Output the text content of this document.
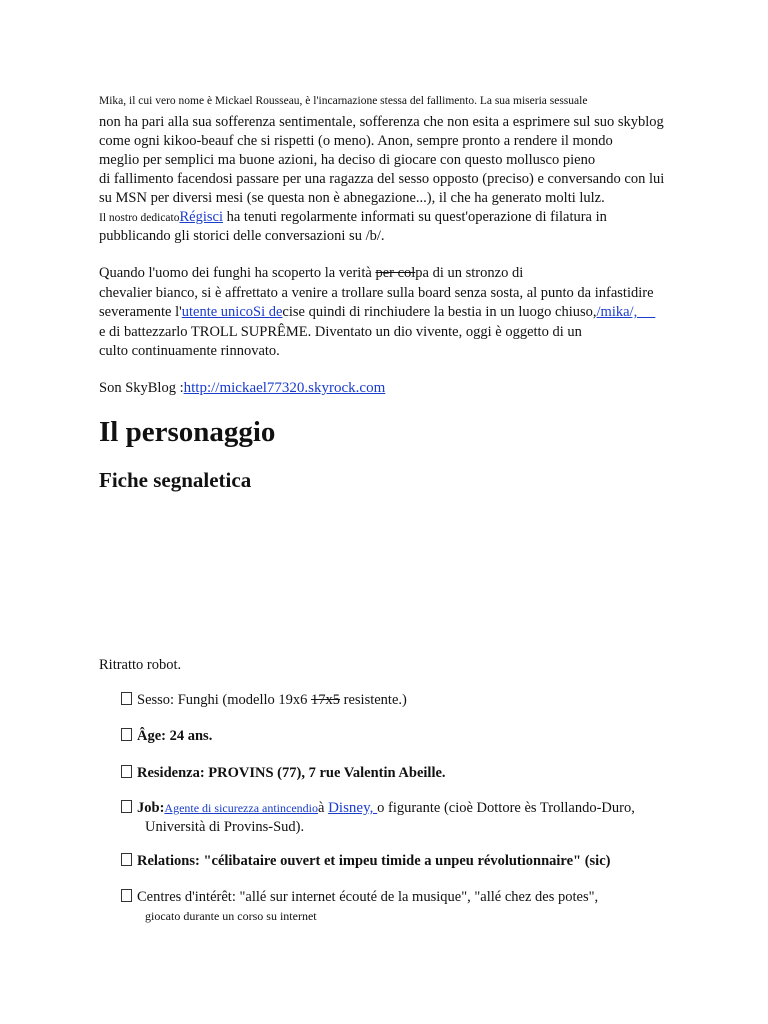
Mika, il cui vero nome è Mickael Rousseau, è l'incarnazione stessa del fallimento. La sua miseria sessuale
non ha pari alla sua sofferenza sentimentale, sofferenza che non esita a esprimere sul suo skyblog
come ogni kikoo-beauf che si rispetti (o meno). Anon, sempre pronto a rendere il mondo
meglio per semplici ma buone azioni, ha deciso di giocare con questo mollusco pieno
di fallimento facendosi passare per una ragazza del sesso opposto (preciso) e conversando con lui
su MSN per diversi mesi (se questa non è abnegazione...), il che ha generato molti lulz.
Il nostro dedicatoRégisci ha tenuti regolarmente informati su quest'operazione di filatura in
pubblicando gli storici delle conversazioni su /b/.
Quando l'uomo dei funghi ha scoperto la verità per colpa di un stronzo di
chevalier bianco, si è affrettato a venire a trollare sulla board senza sosta, al punto da infastidire
severamente l'utente unicoSi decise quindi di rinchiudere la bestia in un luogo chiuso,/mika/,
e di battezzarlo TROLL SUPRÊME. Diventato un dio vivente, oggi è oggetto di un
culto continuamente rinnovato.
Son SkyBlog :http://mickael77320.skyrock.com
Il personaggio
Fiche segnaletica
Ritratto robot.
Sesso: Funghi (modello 19x6 17x5 resistente.)
Âge: 24 ans.
Residenza: PROVINS (77), 7 rue Valentin Abeille.
Job:Agente di sicurezza antincendioà Disney, o figurante (cioè Dottore ès Trollando-Duro,
Università di Provins-Sud).
Relations: "célibataire ouvert et impeu timide a unpeu révolutionnaire" (sic)
Centres d'intérêt: "allé sur internet écouté de la musique", "allé chez des potes",
giocato durante un corso su internet
